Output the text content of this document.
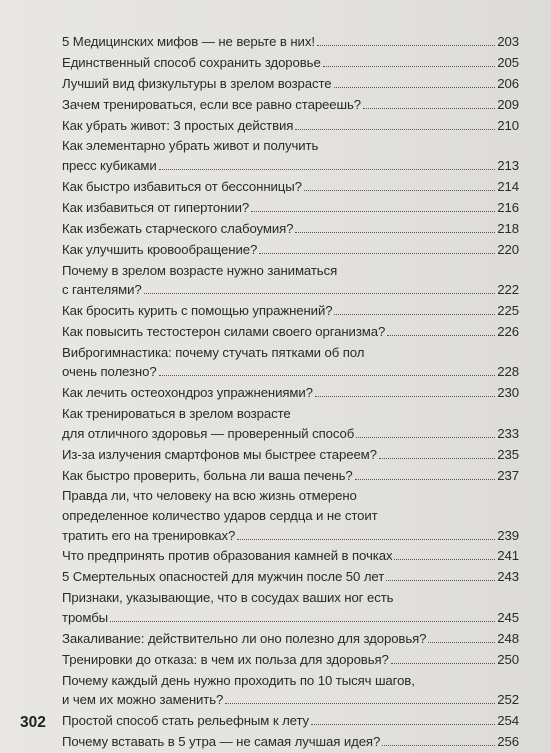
5 Медицинских мифов — не верьте в них!	203
Единственный способ сохранить здоровье	205
Лучший вид физкультуры в зрелом возрасте	206
Зачем тренироваться, если все равно стареешь?	209
Как убрать живот: 3 простых действия	210
Как элементарно убрать живот и получить
пресс кубиками	213
Как быстро избавиться от бессонницы?	214
Как избавиться от гипертонии?	216
Как избежать старческого слабоумия?	218
Как улучшить кровообращение?	220
Почему в зрелом возрасте нужно заниматься
с гантелями?	222
Как бросить курить с помощью упражнений?	225
Как повысить тестостерон силами своего организма?	226
Виброгимнастика: почему стучать пятками об пол
очень полезно?	228
Как лечить остеохондроз упражнениями?	230
Как тренироваться в зрелом возрасте
для отличного здоровья — проверенный способ	233
Из-за излучения смартфонов мы быстрее стареем?	235
Как быстро проверить, больна ли ваша печень?	237
Правда ли, что человеку на всю жизнь отмерено
определенное количество ударов сердца и не стоит
тратить его на тренировках?	239
Что предпринять против образования камней в почках	241
5 Смертельных опасностей для мужчин после 50 лет	243
Признаки, указывающие, что в сосудах ваших ног есть
тромбы	245
Закаливание: действительно ли оно полезно для здоровья?	248
Тренировки до отказа: в чем их польза для здоровья?	250
Почему каждый день нужно проходить по 10 тысяч шагов,
и чем их можно заменить?	252
Простой способ стать рельефным к лету	254
Почему вставать в 5 утра — не самая лучшая идея?	256
302
